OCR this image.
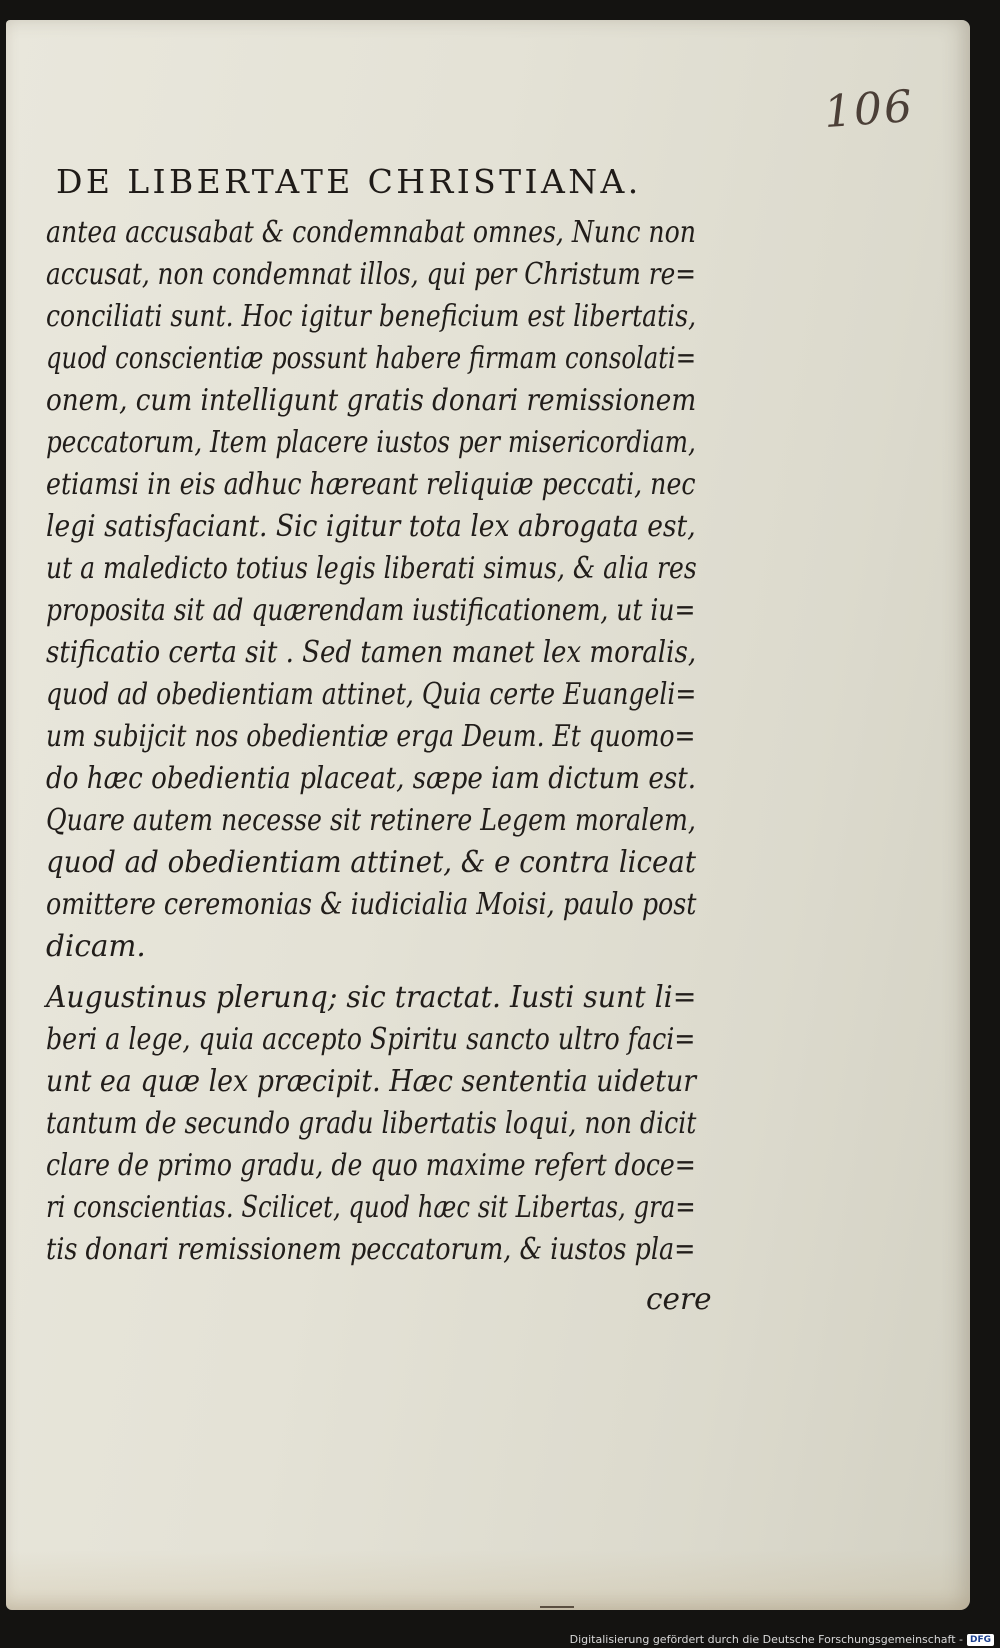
106
DE LIBERTATE CHRISTIANA.
antea accusabat & condemnabat omnes, Nunc non
accusat, non condemnat illos, qui per Christum re=
conciliati sunt. Hoc igitur beneficium est libertatis,
quod conscientiæ possunt habere firmam consolati=
onem, cum intelligunt gratis donari remissionem
peccatorum, Item placere iustos per misericordiam,
etiamsi in eis adhuc hæreant reliquiæ peccati, nec
legi satisfaciant. Sic igitur tota lex abrogata est,
ut a maledicto totius legis liberati simus, & alia res
proposita sit ad quærendam iustificationem, ut iu=
stificatio certa sit . Sed tamen manet lex moralis,
quod ad obedientiam attinet, Quia certe Euangeli=
um subijcit nos obedientiæ erga Deum. Et quomo=
do hæc obedientia placeat, sæpe iam dictum est.
Quare autem necesse sit retinere Legem moralem,
quod ad obedientiam attinet, & e contra liceat
omittere ceremonias & iudicialia Moisi, paulo post
dicam.
Augustinus plerunq; sic tractat. Iusti sunt li=
beri a lege, quia accepto Spiritu sancto ultro faci=
unt ea quæ lex præcipit. Hæc sententia uidetur
tantum de secundo gradu libertatis loqui, non dicit
clare de primo gradu, de quo maxime refert doce=
ri conscientias. Scilicet, quod hæc sit Libertas, gra=
tis donari remissionem peccatorum, & iustos pla=
cere
Digitalisierung gefördert durch die Deutsche Forschungsgemeinschaft - DFG
